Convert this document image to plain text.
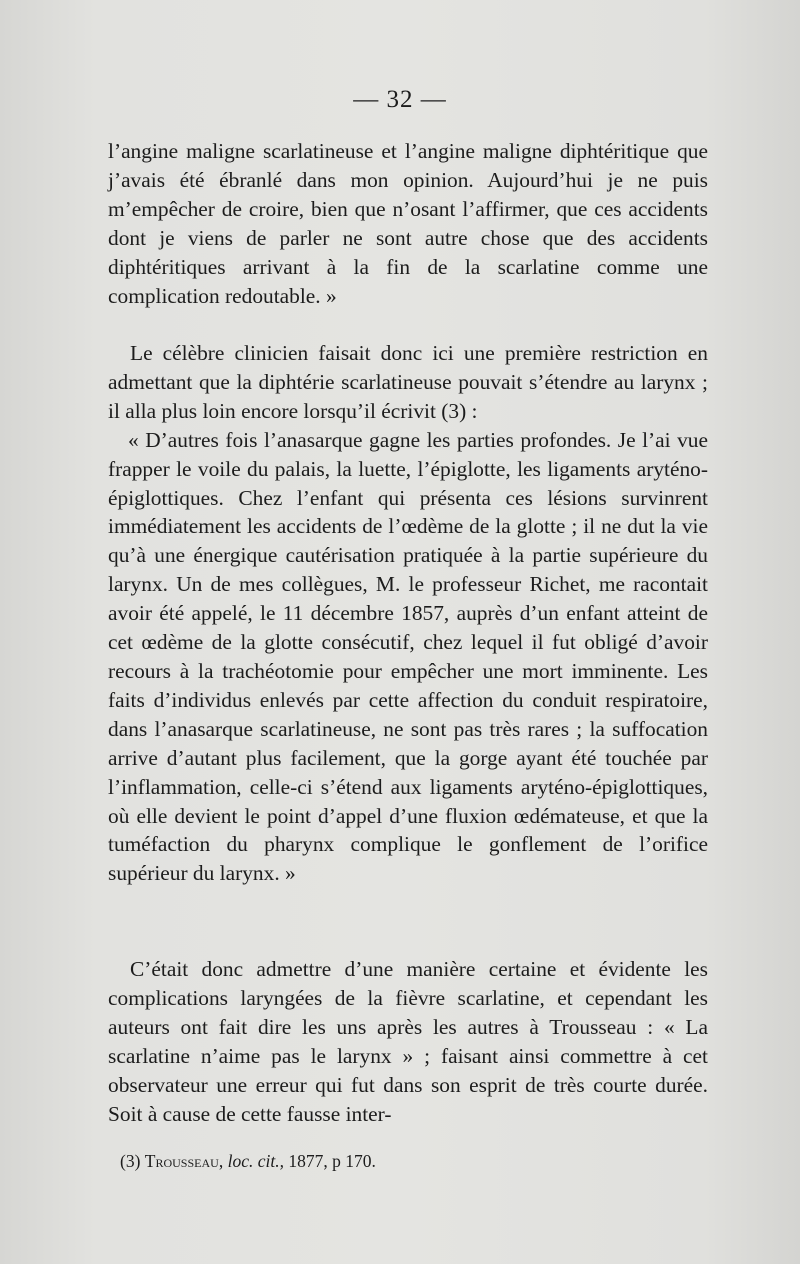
— 32 —

l’angine maligne scarlatineuse et l’angine maligne diphtéritique que j’avais été ébranlé dans mon opinion. Aujourd’hui je ne puis m’empêcher de croire, bien que n’osant l’affirmer, que ces accidents dont je viens de parler ne sont autre chose que des accidents diphtéritiques arrivant à la fin de la scarlatine comme une complication redoutable. »

Le célèbre clinicien faisait donc ici une première restriction en admettant que la diphtérie scarlatineuse pouvait s’étendre au larynx ; il alla plus loin encore lorsqu’il écrivit (3) :

« D’autres fois l’anasarque gagne les parties profondes. Je l’ai vue frapper le voile du palais, la luette, l’épiglotte, les ligaments aryténo-épiglottiques. Chez l’enfant qui présenta ces lésions survinrent immédiatement les accidents de l’œdème de la glotte ; il ne dut la vie qu’à une énergique cautérisation pratiquée à la partie supérieure du larynx. Un de mes collègues, M. le professeur Richet, me racontait avoir été appelé, le 11 décembre 1857, auprès d’un enfant atteint de cet œdème de la glotte consécutif, chez lequel il fut obligé d’avoir recours à la trachéotomie pour empêcher une mort imminente. Les faits d’individus enlevés par cette affection du conduit respiratoire, dans l’anasarque scarlatineuse, ne sont pas très rares ; la suffocation arrive d’autant plus facilement, que la gorge ayant été touchée par l’inflammation, celle-ci s’étend aux ligaments aryténo-épiglottiques, où elle devient le point d’appel d’une fluxion œdémateuse, et que la tuméfaction du pharynx complique le gonflement de l’orifice supérieur du larynx. »

C’était donc admettre d’une manière certaine et évidente les complications laryngées de la fièvre scarlatine, et cependant les auteurs ont fait dire les uns après les autres à Trousseau : « La scarlatine n’aime pas le larynx » ; faisant ainsi commettre à cet observateur une erreur qui fut dans son esprit de très courte durée. Soit à cause de cette fausse inter-

(3) Trousseau, loc. cit., 1877, p 170.
